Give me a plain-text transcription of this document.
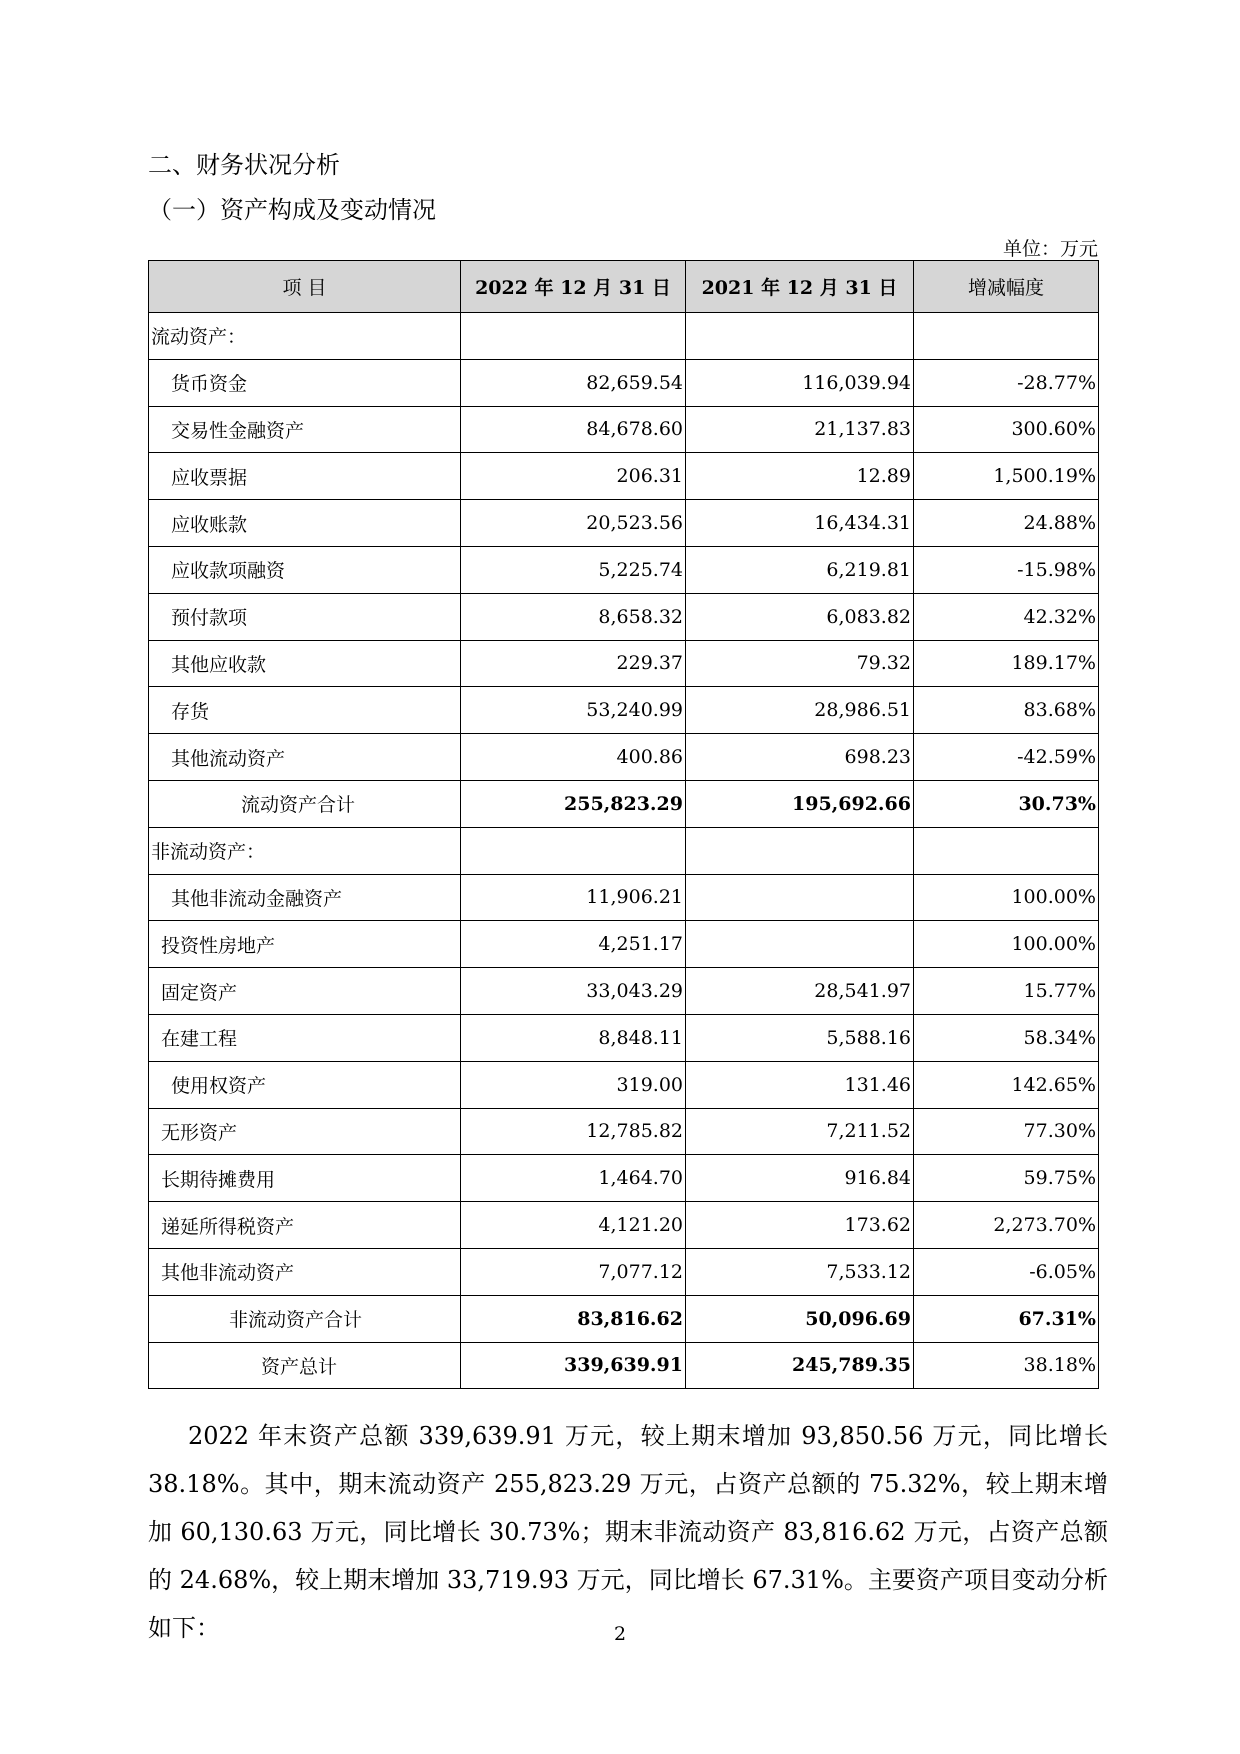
二、财务状况分析
（一）资产构成及变动情况
单位：万元
项 目	2022 年 12 月 31 日	2021 年 12 月 31 日	增减幅度
流动资产：			
货币资金	82,659.54	116,039.94	-28.77%
交易性金融资产	84,678.60	21,137.83	300.60%
应收票据	206.31	12.89	1,500.19%
应收账款	20,523.56	16,434.31	24.88%
应收款项融资	5,225.74	6,219.81	-15.98%
预付款项	8,658.32	6,083.82	42.32%
其他应收款	229.37	79.32	189.17%
存货	53,240.99	28,986.51	83.68%
其他流动资产	400.86	698.23	-42.59%
流动资产合计	255,823.29	195,692.66	30.73%
非流动资产：			
其他非流动金融资产	11,906.21		100.00%
投资性房地产	4,251.17		100.00%
固定资产	33,043.29	28,541.97	15.77%
在建工程	8,848.11	5,588.16	58.34%
使用权资产	319.00	131.46	142.65%
无形资产	12,785.82	7,211.52	77.30%
长期待摊费用	1,464.70	916.84	59.75%
递延所得税资产	4,121.20	173.62	2,273.70%
其他非流动资产	7,077.12	7,533.12	-6.05%
非流动资产合计	83,816.62	50,096.69	67.31%
资产总计	339,639.91	245,789.35	38.18%

2022 年末资产总额 339,639.91 万元，较上期末增加 93,850.56 万元，同比增长 38.18%。其中，期末流动资产 255,823.29 万元，占资产总额的 75.32%，较上期末增加 60,130.63 万元，同比增长 30.73%；期末非流动资产 83,816.62 万元，占资产总额的 24.68%，较上期末增加 33,719.93 万元，同比增长 67.31%。主要资产项目变动分析如下：	2
